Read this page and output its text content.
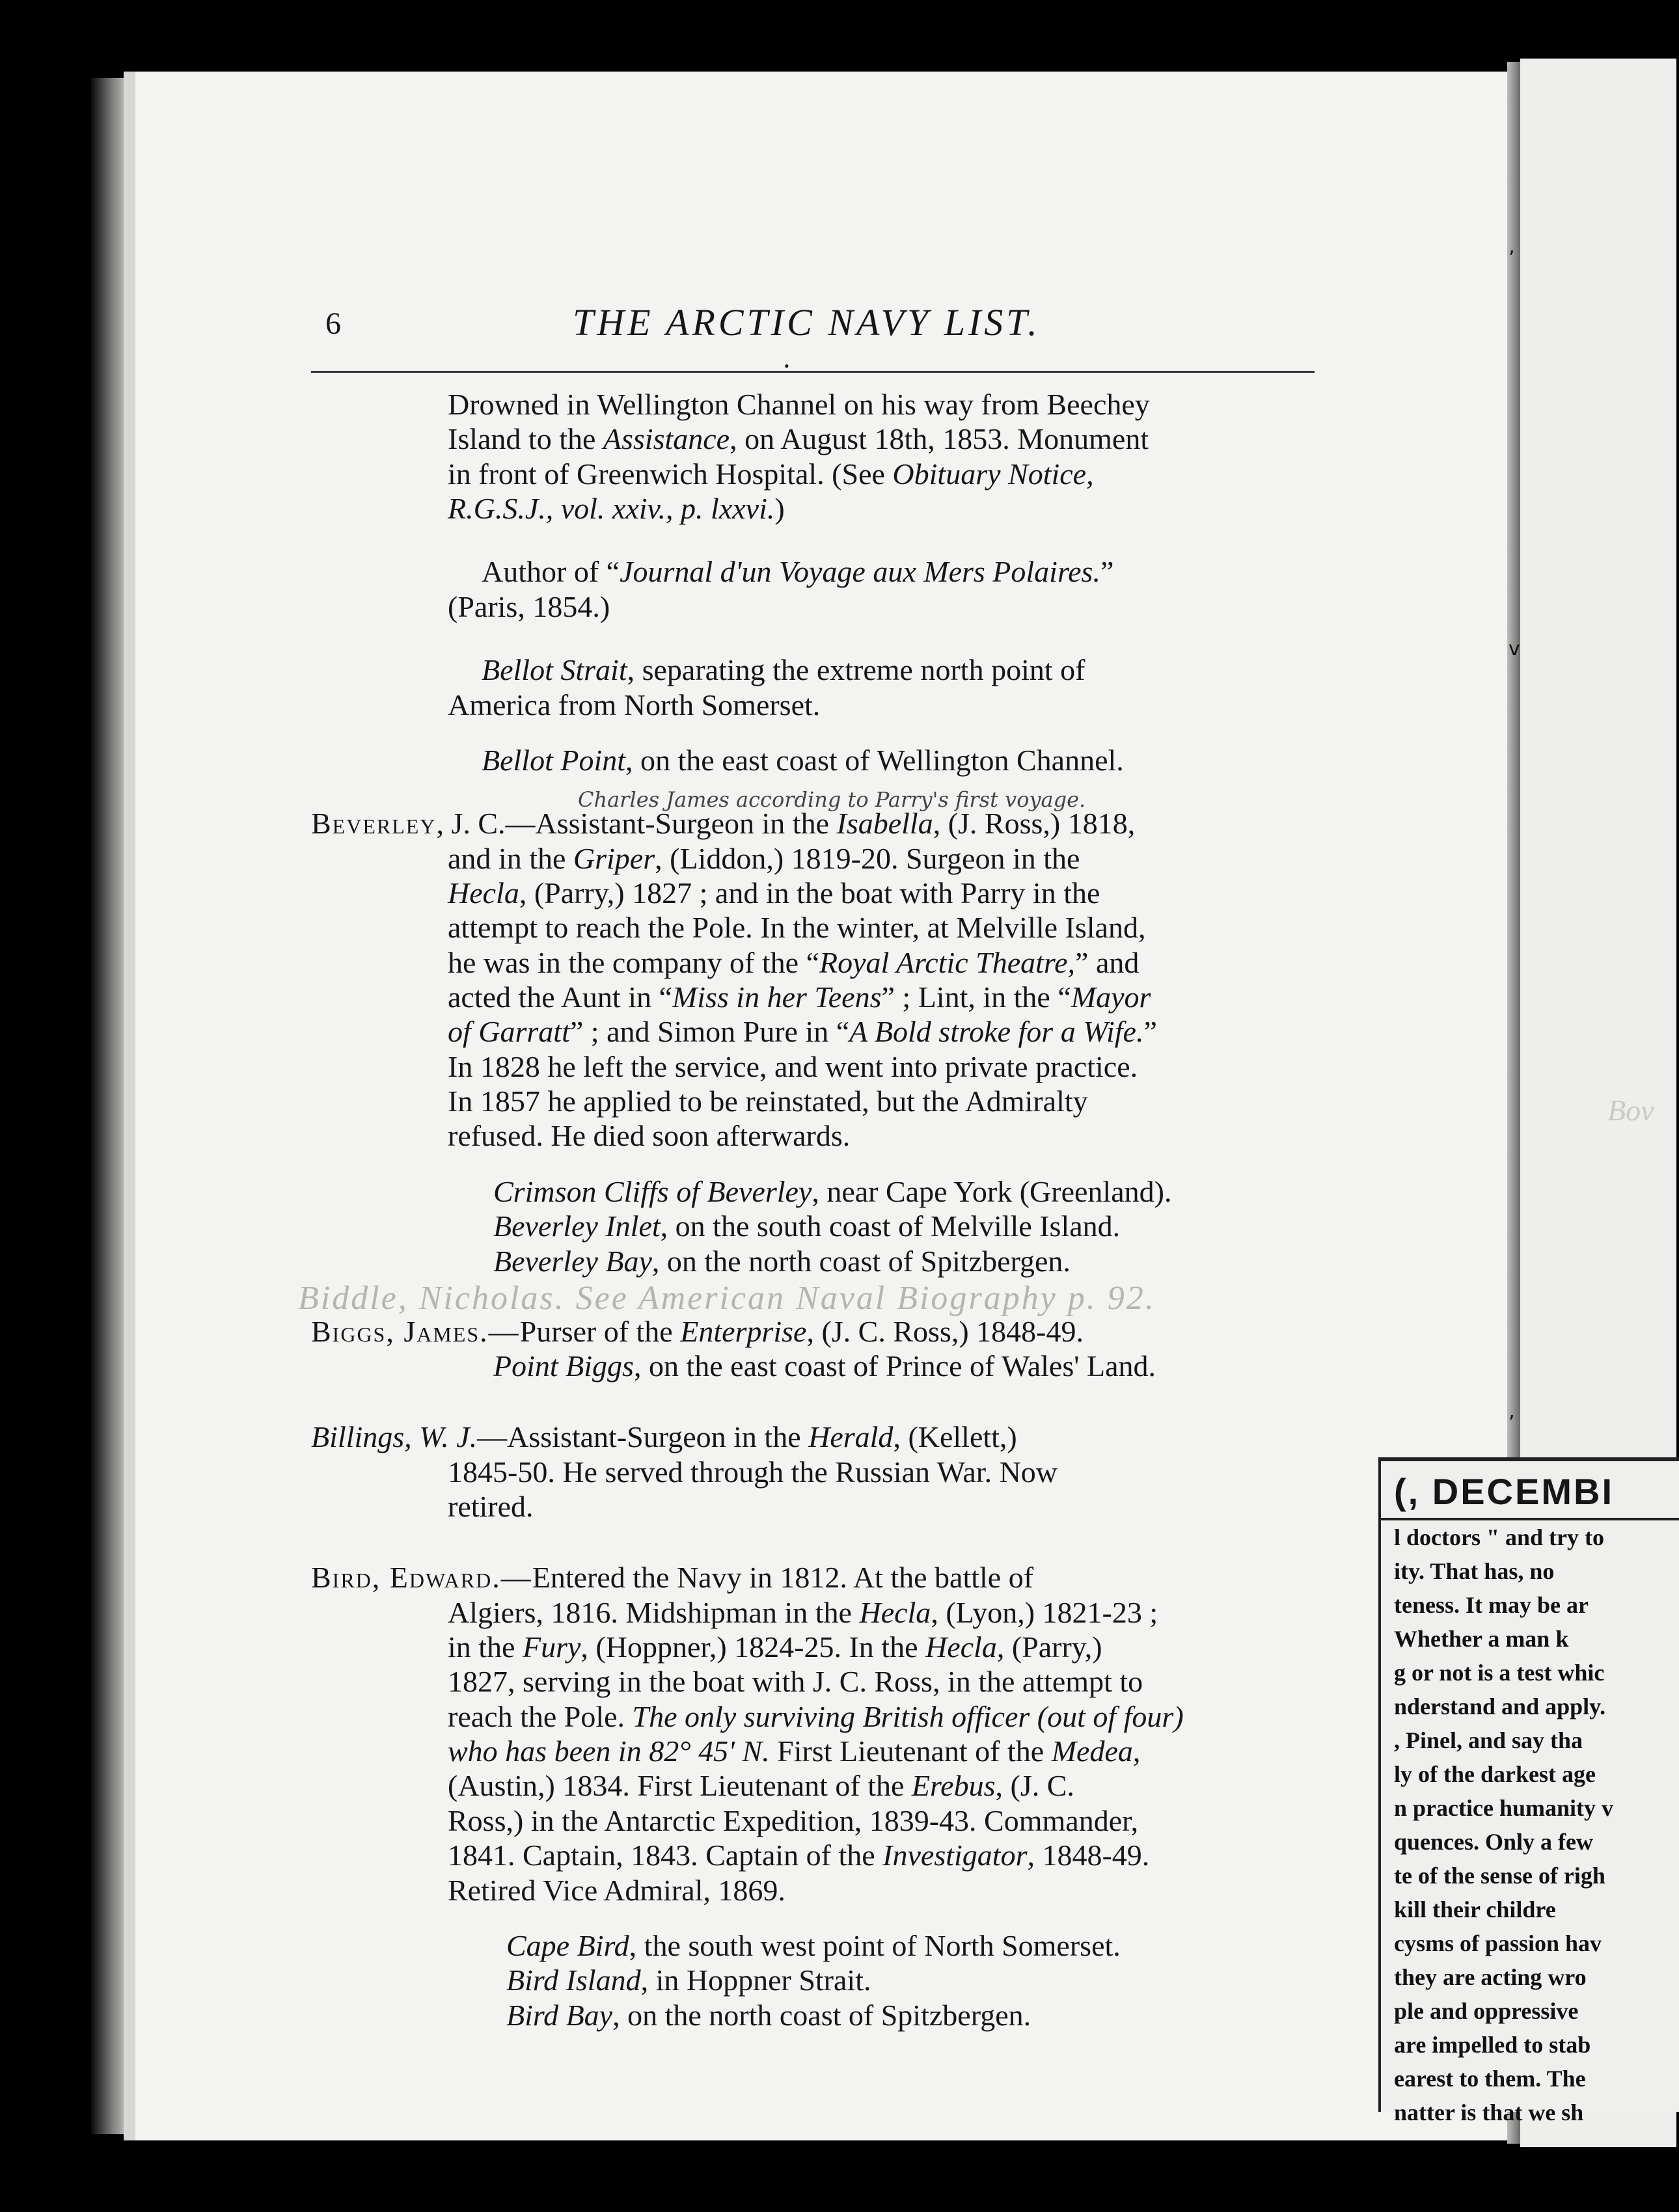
Bov
’
v
’
6	THE ARCTIC NAVY LIST.
•

Drowned in Wellington Channel on his way from Beechey

Island to the Assistance, on August 18th, 1853. Monument

in front of Greenwich Hospital. (See Obituary Notice,

R.G.S.J., vol. xxiv., p. lxxvi.)

Author of “Journal d'un Voyage aux Mers Polaires.”

(Paris, 1854.)

Bellot Strait, separating the extreme north point of

America from North Somerset.

Bellot Point, on the east coast of Wellington Channel.

Charles James according to Parry's first voyage.

Beverley, J. C.—Assistant-Surgeon in the Isabella, (J. Ross,) 1818,

and in the Griper, (Liddon,) 1819-20. Surgeon in the

Hecla, (Parry,) 1827 ; and in the boat with Parry in the

attempt to reach the Pole. In the winter, at Melville Island,

he was in the company of the “Royal Arctic Theatre,” and

acted the Aunt in “Miss in her Teens” ; Lint, in the “Mayor

of Garratt” ; and Simon Pure in “A Bold stroke for a Wife.”

In 1828 he left the service, and went into private practice.

In 1857 he applied to be reinstated, but the Admiralty

refused. He died soon afterwards.

Crimson Cliffs of Beverley, near Cape York (Greenland).

Beverley Inlet, on the south coast of Melville Island.

Beverley Bay, on the north coast of Spitzbergen.

Biddle, Nicholas. See American Naval Biography p. 92.

Biggs, James.—Purser of the Enterprise, (J. C. Ross,) 1848-49.

Point Biggs, on the east coast of Prince of Wales' Land.

Billings, W. J.—Assistant-Surgeon in the Herald, (Kellett,)

1845-50. He served through the Russian War. Now

retired.

Bird, Edward.—Entered the Navy in 1812. At the battle of

Algiers, 1816. Midshipman in the Hecla, (Lyon,) 1821-23 ;

in the Fury, (Hoppner,) 1824-25. In the Hecla, (Parry,)

1827, serving in the boat with J. C. Ross, in the attempt to

reach the Pole. The only surviving British officer (out of four)

who has been in 82° 45' N. First Lieutenant of the Medea,

(Austin,) 1834. First Lieutenant of the Erebus, (J. C.

Ross,) in the Antarctic Expedition, 1839-43. Commander,

1841. Captain, 1843. Captain of the Investigator, 1848-49.

Retired Vice Admiral, 1869.

Cape Bird, the south west point of North Somerset.

Bird Island, in Hoppner Strait.

Bird Bay, on the north coast of Spitzbergen.

(, DECEMBI
l doctors " and try to
ity. That has, no
teness. It may be ar
Whether a man k
g or not is a test whic
nderstand and apply.
, Pinel, and say tha
ly of the darkest age
n practice humanity v
quences. Only a few
te of the sense of righ
kill their childre
cysms of passion hav
they are acting wro
ple and oppressive
are impelled to stab
earest to them. The
natter is that we sh
